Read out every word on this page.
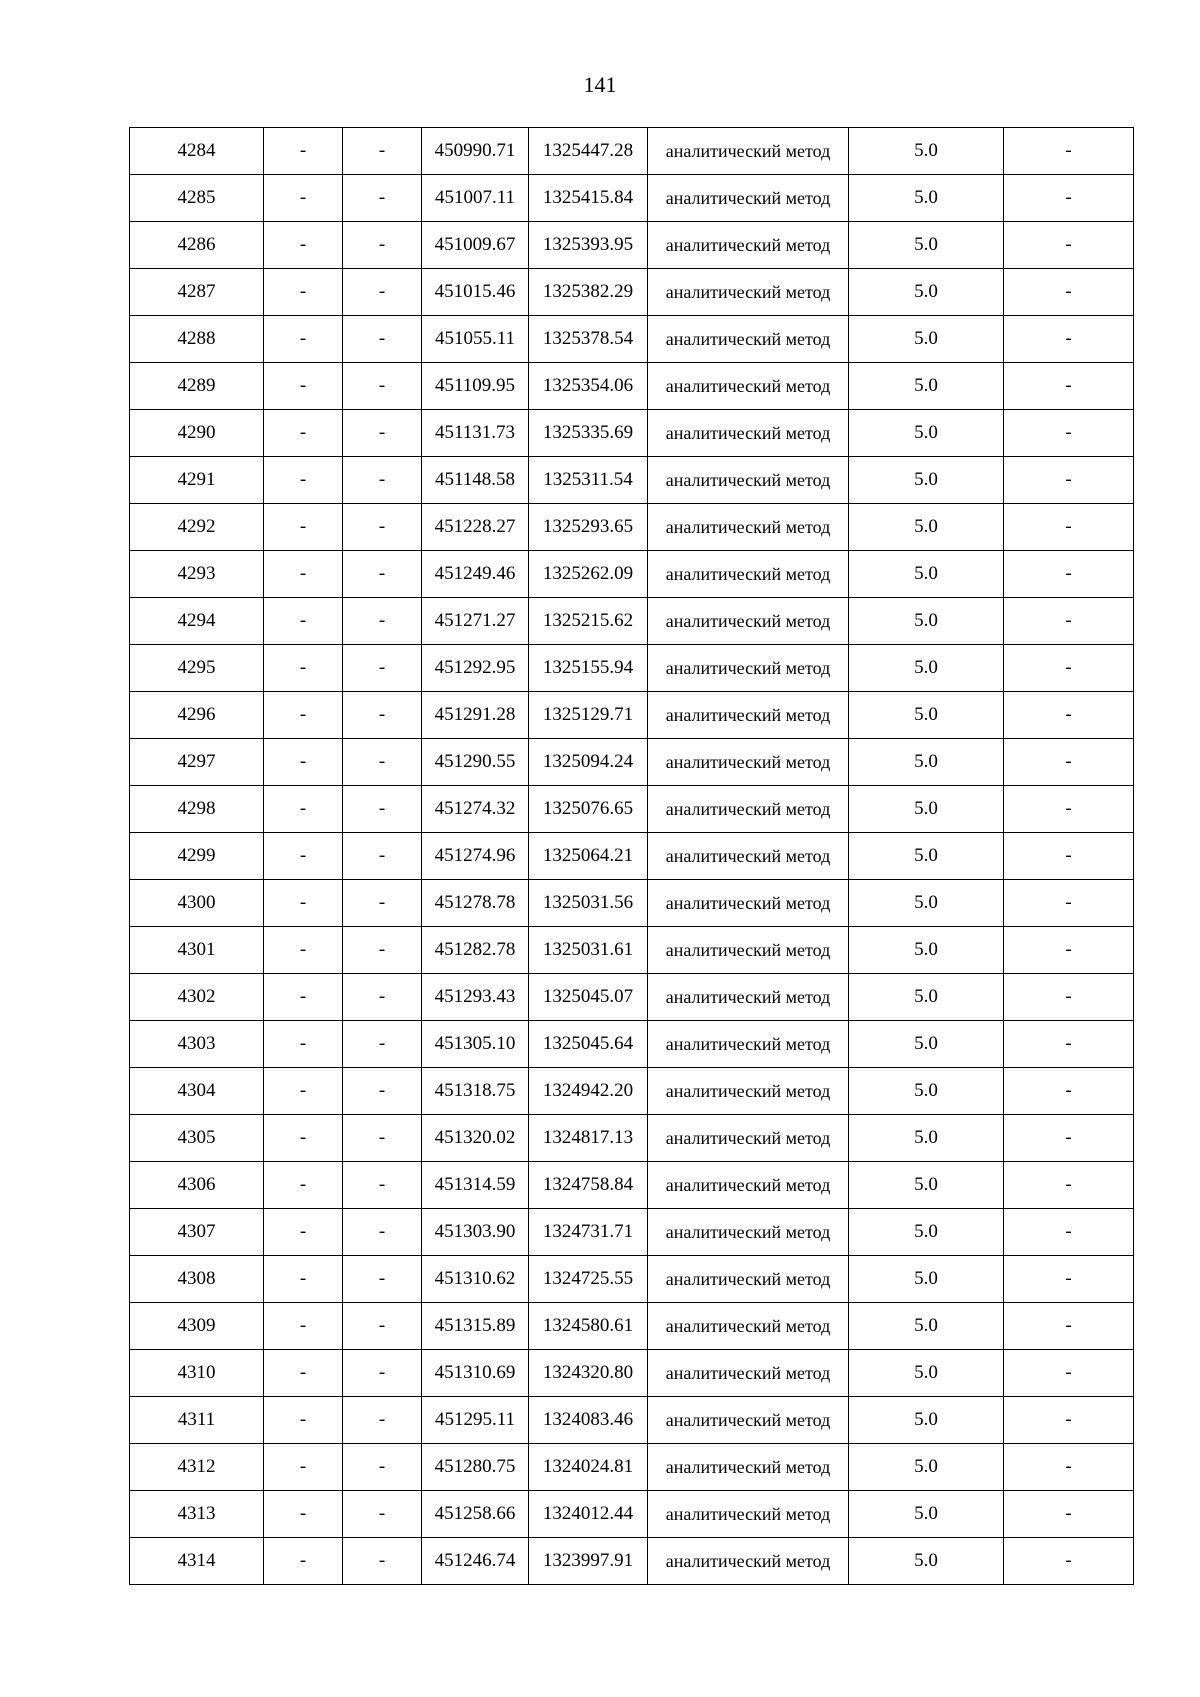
141
4284	-	-	450990.71	1325447.28	аналитический метод	5.0	-
4285	-	-	451007.11	1325415.84	аналитический метод	5.0	-
4286	-	-	451009.67	1325393.95	аналитический метод	5.0	-
4287	-	-	451015.46	1325382.29	аналитический метод	5.0	-
4288	-	-	451055.11	1325378.54	аналитический метод	5.0	-
4289	-	-	451109.95	1325354.06	аналитический метод	5.0	-
4290	-	-	451131.73	1325335.69	аналитический метод	5.0	-
4291	-	-	451148.58	1325311.54	аналитический метод	5.0	-
4292	-	-	451228.27	1325293.65	аналитический метод	5.0	-
4293	-	-	451249.46	1325262.09	аналитический метод	5.0	-
4294	-	-	451271.27	1325215.62	аналитический метод	5.0	-
4295	-	-	451292.95	1325155.94	аналитический метод	5.0	-
4296	-	-	451291.28	1325129.71	аналитический метод	5.0	-
4297	-	-	451290.55	1325094.24	аналитический метод	5.0	-
4298	-	-	451274.32	1325076.65	аналитический метод	5.0	-
4299	-	-	451274.96	1325064.21	аналитический метод	5.0	-
4300	-	-	451278.78	1325031.56	аналитический метод	5.0	-
4301	-	-	451282.78	1325031.61	аналитический метод	5.0	-
4302	-	-	451293.43	1325045.07	аналитический метод	5.0	-
4303	-	-	451305.10	1325045.64	аналитический метод	5.0	-
4304	-	-	451318.75	1324942.20	аналитический метод	5.0	-
4305	-	-	451320.02	1324817.13	аналитический метод	5.0	-
4306	-	-	451314.59	1324758.84	аналитический метод	5.0	-
4307	-	-	451303.90	1324731.71	аналитический метод	5.0	-
4308	-	-	451310.62	1324725.55	аналитический метод	5.0	-
4309	-	-	451315.89	1324580.61	аналитический метод	5.0	-
4310	-	-	451310.69	1324320.80	аналитический метод	5.0	-
4311	-	-	451295.11	1324083.46	аналитический метод	5.0	-
4312	-	-	451280.75	1324024.81	аналитический метод	5.0	-
4313	-	-	451258.66	1324012.44	аналитический метод	5.0	-
4314	-	-	451246.74	1323997.91	аналитический метод	5.0	-
